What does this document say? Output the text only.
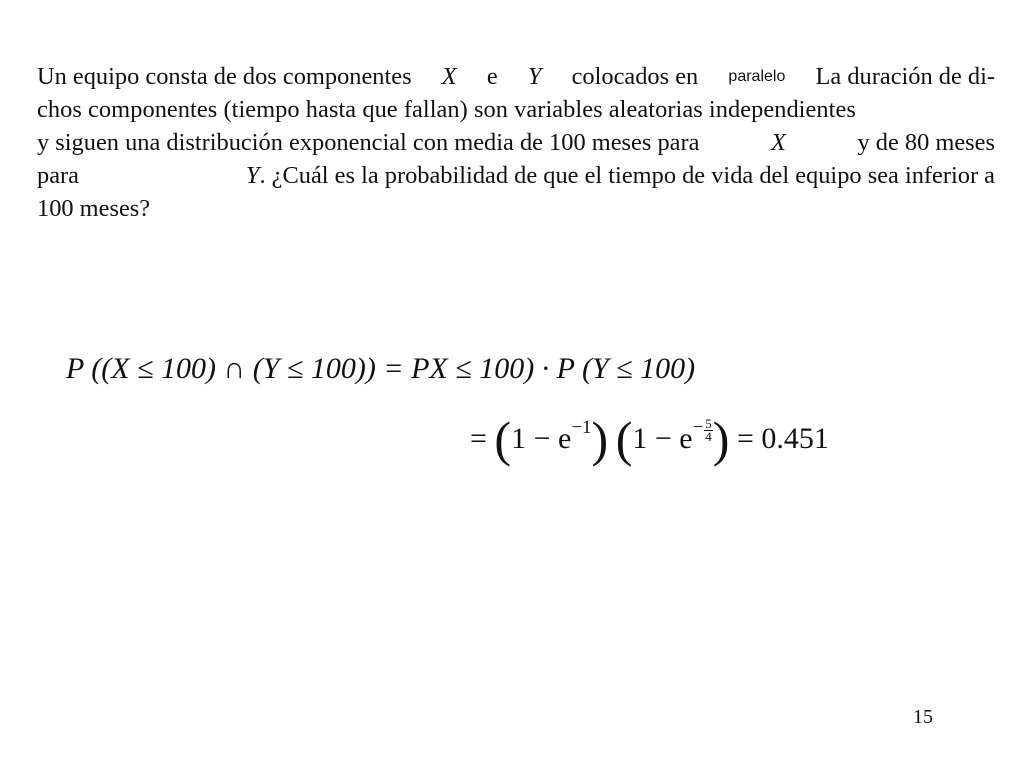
Un equipo consta de dos componentes X e Y colocados en paralelo La duración de di-
chos componentes (tiempo hasta que fallan) son variables aleatorias independientes
y siguen una distribución exponencial con media de 100 meses para	X	y de 80 meses
para	Y. ¿Cuál es la probabilidad de que el tiempo de vida del equipo sea inferior a
100 meses?
P ((X ≤ 100) ∩ (Y ≤ 100)) = PX ≤ 100) · P (Y ≤ 100)
= $(1 - e^{-1})$ ($1 - e^- \frac{5}{4}$ ) = 0.451
15
